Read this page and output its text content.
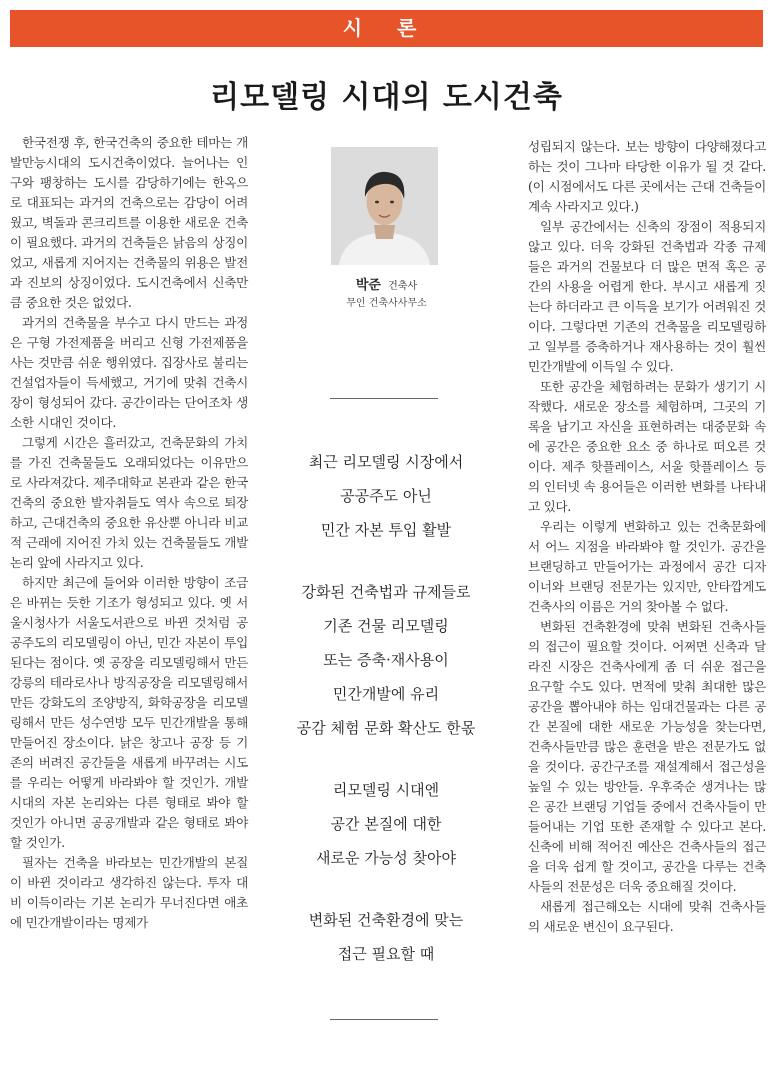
시 론
리모델링 시대의 도시건축

한국전쟁 후, 한국건축의 중요한 테마는 개발만능시대의 도시건축이었다. 늘어나는 인구와 팽창하는 도시를 감당하기에는 한옥으로 대표되는 과거의 건축으로는 감당이 어려웠고, 벽돌과 콘크리트를 이용한 새로운 건축이 필요했다. 과거의 건축들은 낡음의 상징이었고, 새롭게 지어지는 건축물의 위용은 발전과 진보의 상징이었다. 도시건축에서 신축만큼 중요한 것은 없었다.

과거의 건축물을 부수고 다시 만드는 과정은 구형 가전제품을 버리고 신형 가전제품을 사는 것만큼 쉬운 행위였다. 집장사로 불리는 건설업자들이 득세했고, 거기에 맞춰 건축시장이 형성되어 갔다. 공간이라는 단어조차 생소한 시대인 것이다.

그렇게 시간은 흘러갔고, 건축문화의 가치를 가진 건축물들도 오래되었다는 이유만으로 사라져갔다. 제주대학교 본관과 같은 한국건축의 중요한 발자취들도 역사 속으로 퇴장하고, 근대건축의 중요한 유산뿐 아니라 비교적 근래에 지어진 가치 있는 건축물들도 개발논리 앞에 사라지고 있다.

하지만 최근에 들어와 이러한 방향이 조금은 바뀌는 듯한 기조가 형성되고 있다. 옛 서울시청사가 서울도서관으로 바뀐 것처럼 공공주도의 리모델링이 아닌, 민간 자본이 투입된다는 점이다. 옛 공장을 리모델링해서 만든 강릉의 테라로사나 방직공장을 리모델링해서 만든 강화도의 조양방직, 화학공장을 리모델링해서 만든 성수연방 모두 민간개발을 통해 만들어진 장소이다. 낡은 창고나 공장 등 기존의 버려진 공간들을 새롭게 바꾸려는 시도를 우리는 어떻게 바라봐야 할 것인가. 개발시대의 자본 논리와는 다른 형태로 봐야 할 것인가 아니면 공공개발과 같은 형태로 봐야 할 것인가.

필자는 건축을 바라보는 민간개발의 본질이 바뀐 것이라고 생각하진 않는다. 투자 대비 이득이라는 기본 논리가 무너진다면 애초에 민간개발이라는 명제가

박준 건축사
무인 건축사사무소
최근 리모델링 시장에서
공공주도 아닌
민간 자본 투입 활발
강화된 건축법과 규제들로
기존 건물 리모델링
또는 증축·재사용이
민간개발에 유리
공감 체험 문화 확산도 한몫
리모델링 시대엔
공간 본질에 대한
새로운 가능성 찾아야
변화된 건축환경에 맞는
접근 필요할 때

성립되지 않는다. 보는 방향이 다양해졌다고 하는 것이 그나마 타당한 이유가 될 것 같다. (이 시점에서도 다른 곳에서는 근대 건축들이 계속 사라지고 있다.)

일부 공간에서는 신축의 장점이 적용되지 않고 있다. 더욱 강화된 건축법과 각종 규제들은 과거의 건물보다 더 많은 면적 혹은 공간의 사용을 어렵게 한다. 부시고 새롭게 짓는다 하더라고 큰 이득을 보기가 어려워진 것이다. 그렇다면 기존의 건축물을 리모델링하고 일부를 증축하거나 재사용하는 것이 훨씬 민간개발에 이득일 수 있다.

또한 공간을 체험하려는 문화가 생기기 시작했다. 새로운 장소를 체험하며, 그곳의 기록을 남기고 자신을 표현하려는 대중문화 속에 공간은 중요한 요소 중 하나로 떠오른 것이다. 제주 핫플레이스, 서울 핫플레이스 등의 인터넷 속 용어들은 이러한 변화를 나타내고 있다.

우리는 이렇게 변화하고 있는 건축문화에서 어느 지점을 바라봐야 할 것인가. 공간을 브랜딩하고 만들어가는 과정에서 공간 디자이너와 브랜딩 전문가는 있지만, 안타깝게도 건축사의 이름은 거의 찾아볼 수 없다.

변화된 건축환경에 맞춰 변화된 건축사들의 접근이 필요할 것이다. 어쩌면 신축과 달라진 시장은 건축사에게 좀 더 쉬운 접근을 요구할 수도 있다. 면적에 맞춰 최대한 많은 공간을 뽑아내야 하는 임대건물과는 다른 공간 본질에 대한 새로운 가능성을 찾는다면, 건축사들만큼 많은 훈련을 받은 전문가도 없을 것이다. 공간구조를 재설계해서 접근성을 높일 수 있는 방안들. 우후죽순 생겨나는 많은 공간 브랜딩 기업들 중에서 건축사들이 만들어내는 기업 또한 존재할 수 있다고 본다. 신축에 비해 적어진 예산은 건축사들의 접근을 더욱 쉽게 할 것이고, 공간을 다루는 건축사들의 전문성은 더욱 중요해질 것이다.

새롭게 접근해오는 시대에 맞춰 건축사들의 새로운 변신이 요구된다.
